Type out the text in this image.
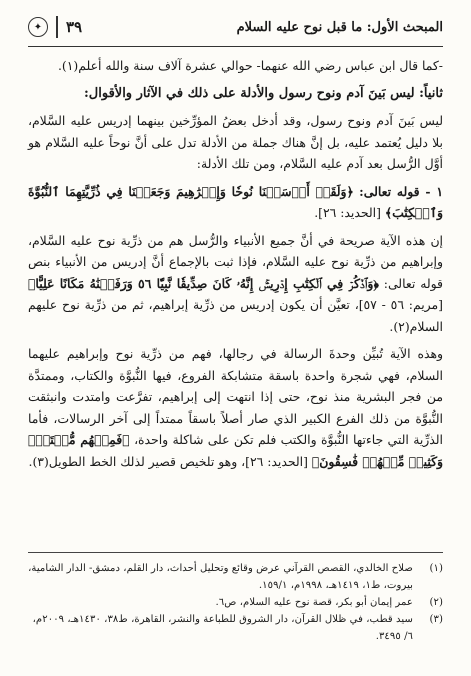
المبحث الأول: ما قبل نوح عليه السلام
✦	٣٩

-كما قال ابن عباس رضي الله عنهما- حوالي عشرة آلاف سنة والله أعلم(١).

ثانياً: ليس بَينَ آدم ونوح رسول والأدلة على ذلك في الآثار والأقوال:

ليس بَينَ آدم ونوح رسول، وقد أدخل بعضُ المؤرِّخين بينهما إدريس عليه السَّلام، بلا دليل يُعتمد عليه، بل إنَّ هناك جملة من الأدلة تدل على أنَّ نوحاً عليه السَّلام هو أوَّل الرُّسل بعد آدم عليه السَّلام، ومن تلك الأدلة:

١ - قوله تعالى: ﴿وَلَقَدۡ أَرۡسَلۡنَا نُوحٗا وَإِبۡرَٰهِيمَ وَجَعَلۡنَا فِي ذُرِّيَّتِهِمَا ٱلنُّبُوَّةَ وَٱلۡكِتَٰبَ﴾ [الحديد: ٢٦].

إن هذه الآية صريحة في أنَّ جميع الأنبياء والرُّسل هم من ذرِّية نوح عليه السَّلام، وإبراهيم من ذرِّية نوح عليه السَّلام، فإذا ثبت بالإجماع أنَّ إدريس من الأنبياء بنص قوله تعالى: ﴿وَٱذۡكُرۡ فِي ٱلۡكِتَٰبِ إِدۡرِيسَۚ إِنَّهُۥ كَانَ صِدِّيقٗا نَّبِيّٗا ٥٦ وَرَفَعۡنَٰهُ مَكَانًا عَلِيًّا﴾ [مريم: ٥٦ - ٥٧]، تعيَّن أن يكون إدريس من ذرِّية إبراهيم، ثم من ذرِّية نوح عليهم السلام(٢).

وهذه الآية تُبيِّن وحدةَ الرسالة في رجالها، فهم من ذرِّية نوح وإبراهيم عليهما السلام، فهي شجرة واحدة باسقة متشابكة الفروع، فيها النُّبوَّة والكتاب، وممتدَّة من فجر البشرية منذ نوح، حتى إذا انتهت إلى إبراهيم، تفرَّعت وامتدت وانبثقت النُّبوَّة من ذلك الفرع الكبير الذي صار أصلاً باسقاً ممتداً إلى آخر الرسالات، فأما الذرِّية التي جاءتها النُّبوَّة والكتب فلم تكن على شاكلة واحدة، ﴿فَمِنۡهُم مُّهۡتَدٖۖ وَكَثِيرٞ مِّنۡهُمۡ فَٰسِقُونَ﴾ [الحديد: ٢٦]، وهو تلخيص قصير لذلك الخط الطويل(٣).

(١)
صلاح الخالدي، القصص القرآني عرض وقائع وتحليل أحداث، دار القلم، دمشق- الدار الشامية، بيروت، ط١، ١٤١٩هـ، ١٩٩٨م، ١٥٩/١.
(٢)
عمر إيمان أبو بكر، قصة نوح عليه السلام، ص٦.
(٣)
سيد قطب، في ظلال القرآن، دار الشروق للطباعة والنشر، القاهرة، ط٣٨، ١٤٣٠هـ، ٢٠٠٩م، ٦/ ٣٤٩٥.
